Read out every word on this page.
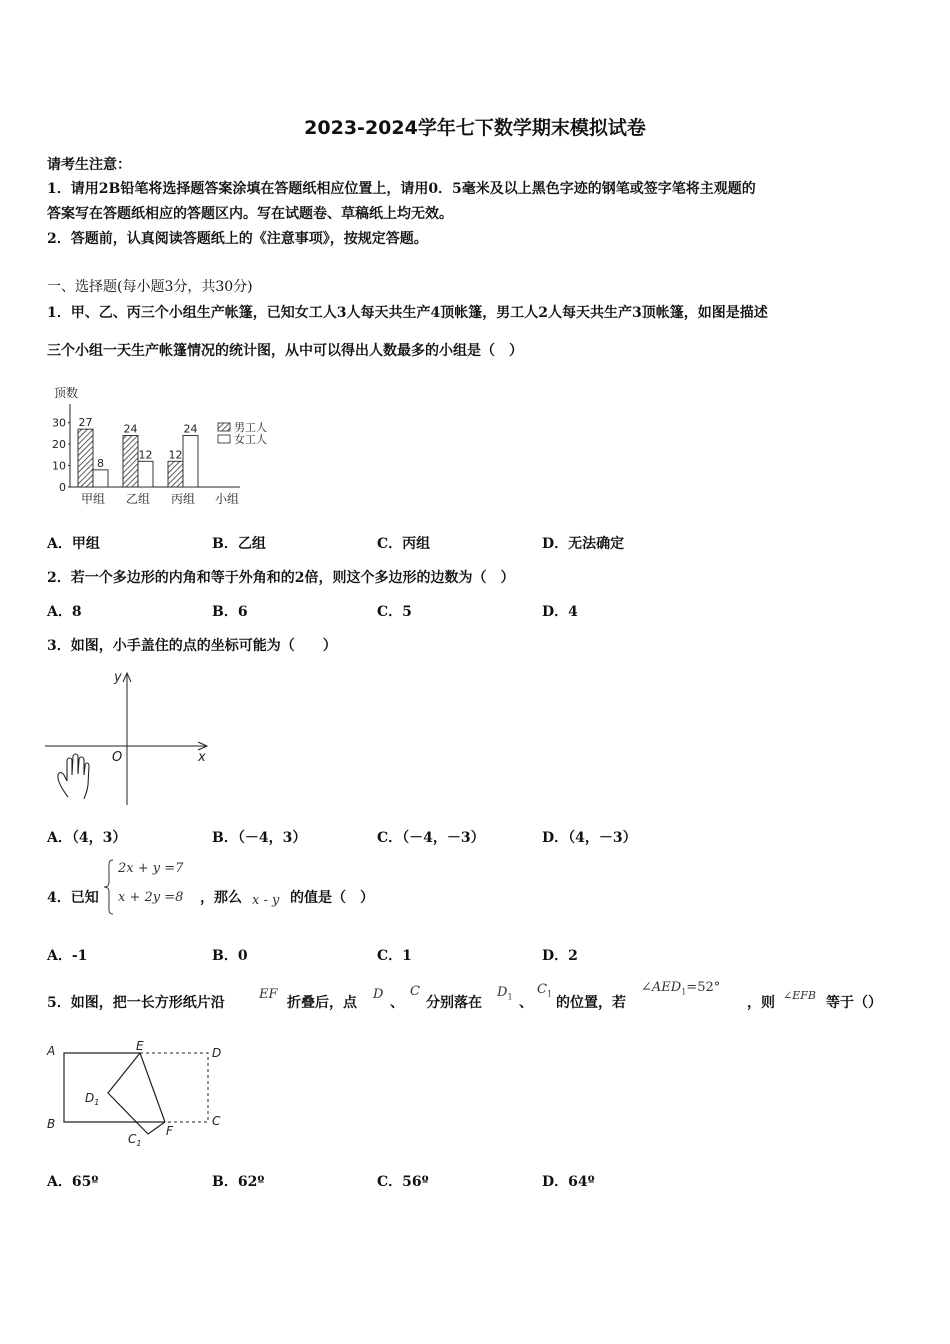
2023-2024学年七下数学期末模拟试卷
请考生注意：
1．请用2B铅笔将选择题答案涂填在答题纸相应位置上，请用0．5毫米及以上黑色字迹的钢笔或签字笔将主观题的
答案写在答题纸相应的答题区内。写在试题卷、草稿纸上均无效。
2．答题前，认真阅读答题纸上的《注意事项》，按规定答题。
一、选择题(每小题3分，共30分)
1．甲、乙、丙三个小组生产帐篷，已知女工人3人每天共生产4顶帐篷，男工人2人每天共生产3顶帐篷，如图是描述
三个小组一天生产帐篷情况的统计图，从中可以得出人数最多的小组是（　）
顶数
小组
0
10
20
30 27
8
甲组
24
12
乙组
12
24
丙组
男工人
女工人
A．甲组	B．乙组	C．丙组	D．无法确定
2．若一个多边形的内角和等于外角和的2倍，则这个多边形的边数为（　）
A．8	B．6	C．5	D．4
3．如图，小手盖住的点的坐标可能为（　　）
y
x
O
A．（4，3）	B．（－4，3）	C．（－4，－3）	D．（4，－3）
4．已知
2x + y =7
x + 2y =8 ，那么 x - y 的值是（　）
A．-1	B．0	C．1	D．2
5．如图，把一长方形纸片沿
EF
折叠后，点
D
、
C
分别落在
$D_1$ 、
$C_1$
的位置，若
$\angle AED_1=52^\circ$
，则 ∠EFB 等于（）
A
B
E	D
C
$D_1$
$C_1$
F
A．65º	B．62º	C．56º	D．64º
